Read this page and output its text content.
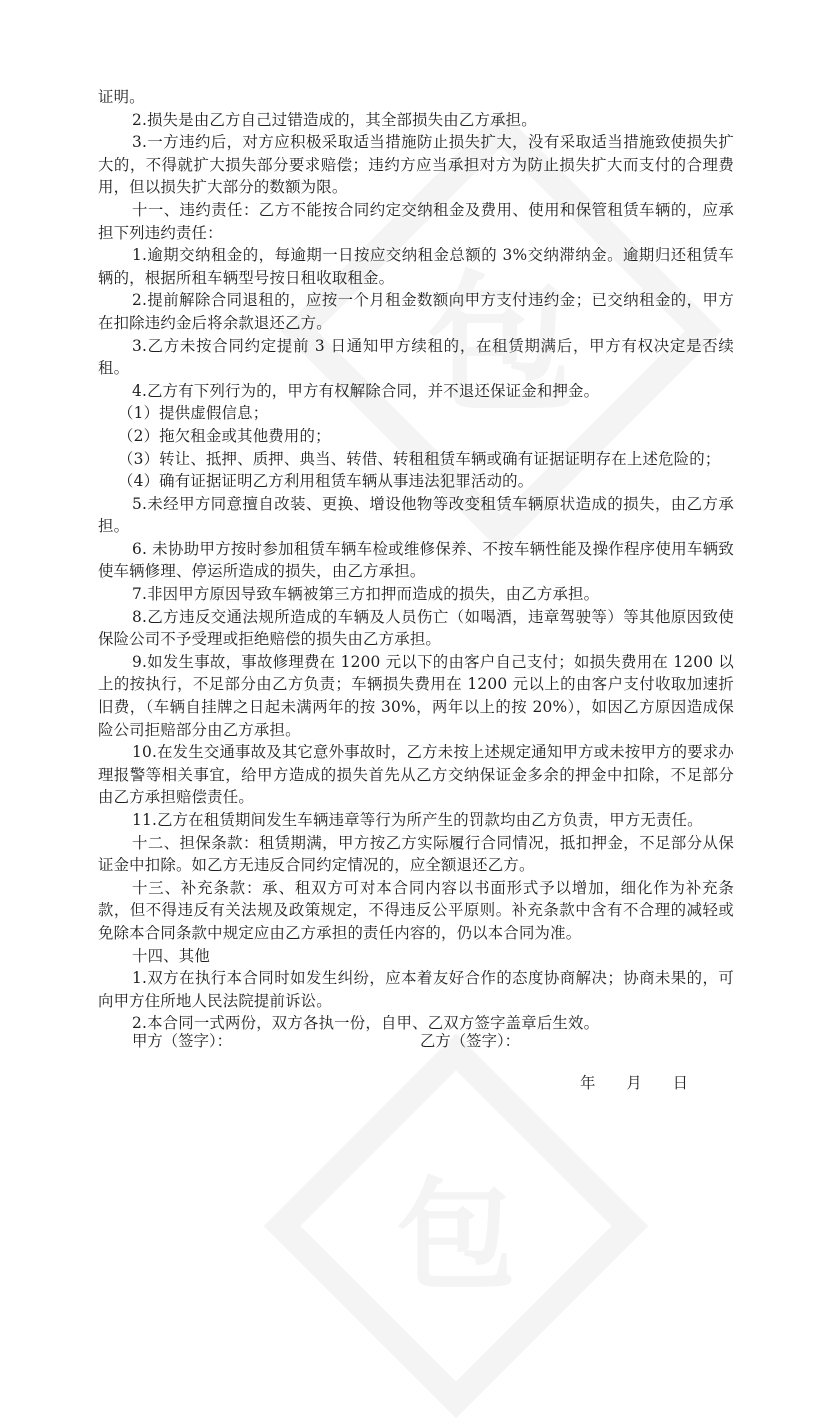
证明。

2.损失是由乙方自己过错造成的，其全部损失由乙方承担。

3.一方违约后，对方应积极采取适当措施防止损失扩大，没有采取适当措施致使损失扩大的，不得就扩大损失部分要求赔偿；违约方应当承担对方为防止损失扩大而支付的合理费用，但以损失扩大部分的数额为限。

十一、违约责任：乙方不能按合同约定交纳租金及费用、使用和保管租赁车辆的，应承担下列违约责任：

1.逾期交纳租金的，每逾期一日按应交纳租金总额的 3%交纳滞纳金。逾期归还租赁车辆的，根据所租车辆型号按日租收取租金。

2.提前解除合同退租的，应按一个月租金数额向甲方支付违约金；已交纳租金的，甲方在扣除违约金后将余款退还乙方。

3.乙方未按合同约定提前 3 日通知甲方续租的，在租赁期满后，甲方有权决定是否续租。

4.乙方有下列行为的，甲方有权解除合同，并不退还保证金和押金。

（1）提供虚假信息；

（2）拖欠租金或其他费用的；

（3）转让、抵押、质押、典当、转借、转租租赁车辆或确有证据证明存在上述危险的；

（4）确有证据证明乙方利用租赁车辆从事违法犯罪活动的。

5.未经甲方同意擅自改装、更换、增设他物等改变租赁车辆原状造成的损失，由乙方承担。

6. 未协助甲方按时参加租赁车辆车检或维修保养、不按车辆性能及操作程序使用车辆致使车辆修理、停运所造成的损失，由乙方承担。

7.非因甲方原因导致车辆被第三方扣押而造成的损失，由乙方承担。

8.乙方违反交通法规所造成的车辆及人员伤亡（如喝酒，违章驾驶等）等其他原因致使保险公司不予受理或拒绝赔偿的损失由乙方承担。

9.如发生事故，事故修理费在 1200 元以下的由客户自己支付；如损失费用在 1200 以上的按执行，不足部分由乙方负责；车辆损失费用在 1200 元以上的由客户支付收取加速折旧费，（车辆自挂牌之日起未满两年的按 30%，两年以上的按 20%），如因乙方原因造成保险公司拒赔部分由乙方承担。

10.在发生交通事故及其它意外事故时，乙方未按上述规定通知甲方或未按甲方的要求办理报警等相关事宜，给甲方造成的损失首先从乙方交纳保证金多余的押金中扣除，不足部分由乙方承担赔偿责任。

11.乙方在租赁期间发生车辆违章等行为所产生的罚款均由乙方负责，甲方无责任。

十二、担保条款：租赁期满，甲方按乙方实际履行合同情况，抵扣押金，不足部分从保证金中扣除。如乙方无违反合同约定情况的，应全额退还乙方。

十三、补充条款：承、租双方可对本合同内容以书面形式予以增加，细化作为补充条款，但不得违反有关法规及政策规定，不得违反公平原则。补充条款中含有不合理的减轻或免除本合同条款中规定应由乙方承担的责任内容的，仍以本合同为准。

十四、其他

1.双方在执行本合同时如发生纠纷，应本着友好合作的态度协商解决；协商未果的，可向甲方住所地人民法院提前诉讼。

2.本合同一式两份，双方各执一份，自甲、乙双方签字盖章后生效。

甲方（签字）：	乙方（签字）：
年 月 日
